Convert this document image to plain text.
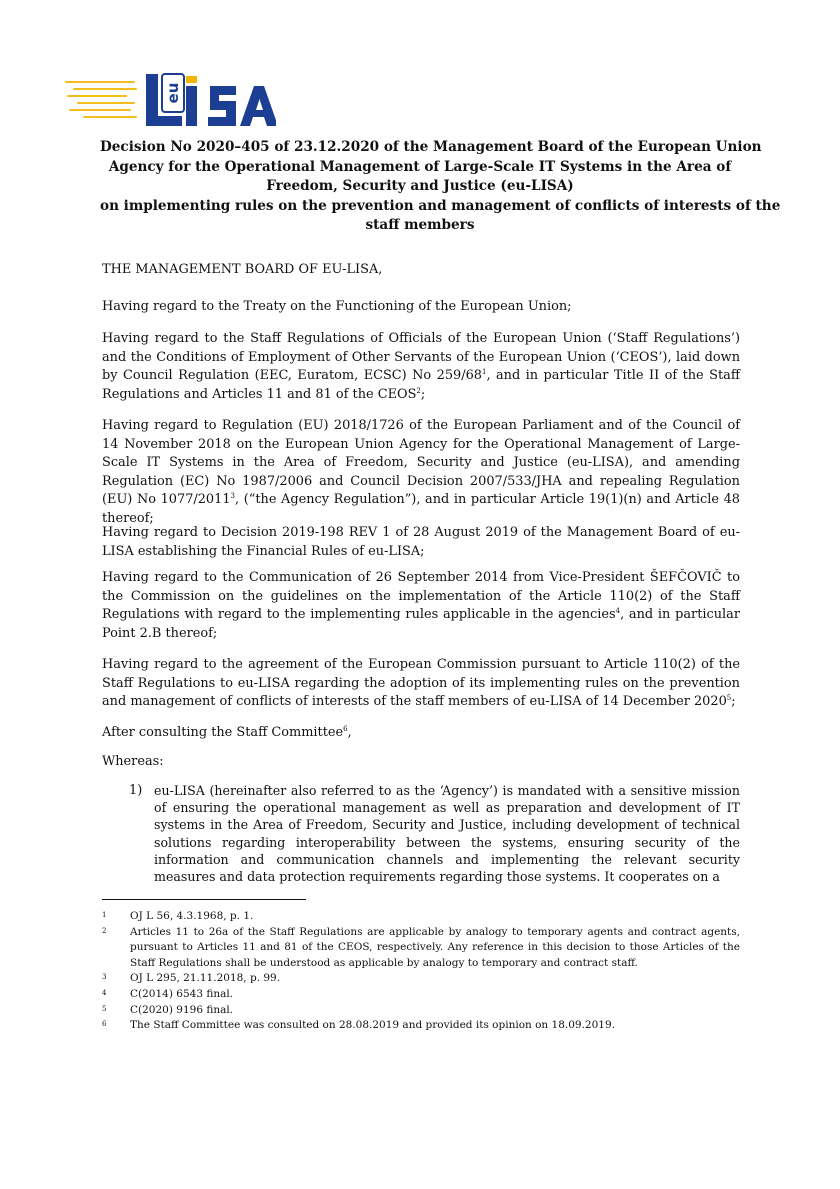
eu
Decision No 2020–405 of 23.12.2020 of the Management Board of the European Union
Agency for the Operational Management of Large-Scale IT Systems in the Area of
Freedom, Security and Justice (eu-LISA)
on implementing rules on the prevention and management of conflicts of interests of the
staff members
THE MANAGEMENT BOARD OF EU-LISA,
Having regard to the Treaty on the Functioning of the European Union;
Having regard to the Staff Regulations of Officials of the European Union (‘Staff Regulations’) and the Conditions of Employment of Other Servants of the European Union (‘CEOS’), laid down by Council Regulation (EEC, Euratom, ECSC) No $259/68^1$, and in particular Title II of the Staff Regulations and Articles 11 and 81 of the CEOS$^2$;
Having regard to Regulation (EU) 2018/1726 of the European Parliament and of the Council of 14 November 2018 on the European Union Agency for the Operational Management of Large-Scale IT Systems in the Area of Freedom, Security and Justice (eu-LISA), and amending Regulation (EC) No 1987/2006 and Council Decision 2007/533/JHA and repealing Regulation (EU) No 1077/2011$^3$, (“the Agency Regulation”), and in particular Article 19(1)(n) and Article 48 thereof;
Having regard to Decision 2019-198 REV 1 of 28 August 2019 of the Management Board of eu-LISA establishing the Financial Rules of eu-LISA;
Having regard to the Communication of 26 September 2014 from Vice-President ŠEFČOVIČ to the Commission on the guidelines on the implementation of the Article 110(2) of the Staff Regulations with regard to the implementing rules applicable in the agencies$^4$, and in particular Point 2.B thereof;
Having regard to the agreement of the European Commission pursuant to Article 110(2) of the Staff Regulations to eu-LISA regarding the adoption of its implementing rules on the prevention and management of conflicts of interests of the staff members of eu-LISA of 14 December 2020$^5$;
After consulting the Staff Committee$^6$,
Whereas:
1) eu-LISA (hereinafter also referred to as the ‘Agency’) is mandated with a sensitive mission of ensuring the operational management as well as preparation and development of IT systems in the Area of Freedom, Security and Justice, including development of technical solutions regarding interoperability between the systems, ensuring security of the information and communication channels and implementing the relevant security measures and data protection requirements regarding those systems. It cooperates on a
1 OJ L 56, 4.3.1968, p. 1.
2 Articles 11 to 26a of the Staff Regulations are applicable by analogy to temporary agents and contract agents, pursuant to Articles 11 and 81 of the CEOS, respectively. Any reference in this decision to those Articles of the Staff Regulations shall be understood as applicable by analogy to temporary and contract staff.
3 OJ L 295, 21.11.2018, p. 99.
4 C(2014) 6543 final.
5 C(2020) 9196 final.
6 The Staff Committee was consulted on 28.08.2019 and provided its opinion on 18.09.2019.
